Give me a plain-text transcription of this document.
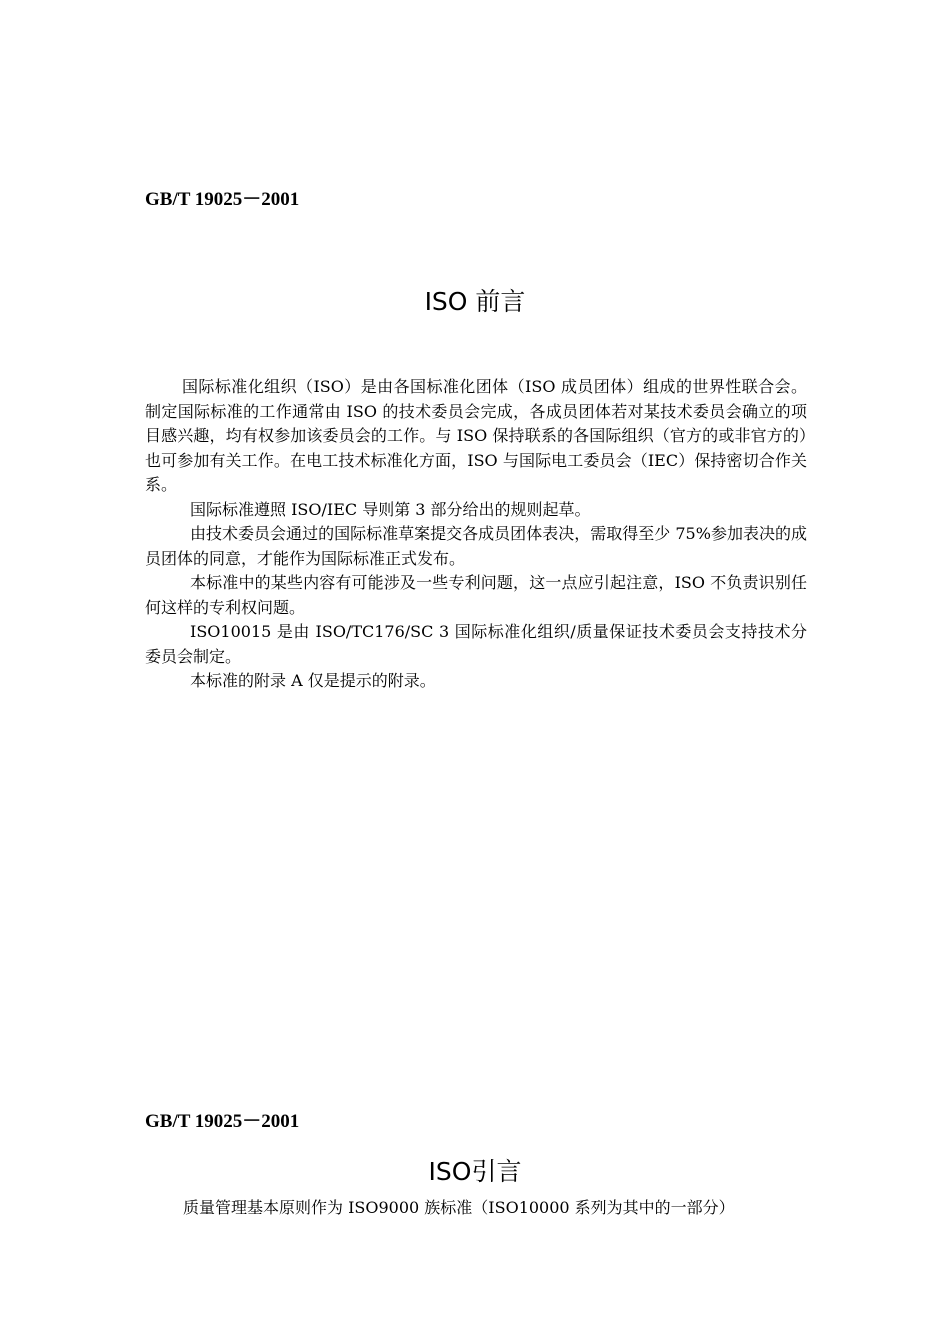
GB/T 19025－2001
ISO 前言

国际标准化组织（ISO）是由各国标准化团体（ISO 成员团体）组成的世界性联合会。制定国际标准的工作通常由 ISO 的技术委员会完成，各成员团体若对某技术委员会确立的项目感兴趣，均有权参加该委员会的工作。与 ISO 保持联系的各国际组织（官方的或非官方的）也可参加有关工作。在电工技术标准化方面，ISO 与国际电工委员会（IEC）保持密切合作关系。

国际标准遵照 ISO/IEC 导则第 3 部分给出的规则起草。

由技术委员会通过的国际标准草案提交各成员团体表决，需取得至少 75%参加表决的成员团体的同意，才能作为国际标准正式发布。

本标准中的某些内容有可能涉及一些专利问题，这一点应引起注意，ISO 不负责识别任何这样的专利权问题。

ISO10015 是由 ISO/TC176/SC 3 国际标准化组织/质量保证技术委员会支持技术分委员会制定。

本标准的附录 A 仅是提示的附录。

GB/T 19025－2001
ISO引言
质量管理基本原则作为 ISO9000 族标准（ISO10000 系列为其中的一部分）
